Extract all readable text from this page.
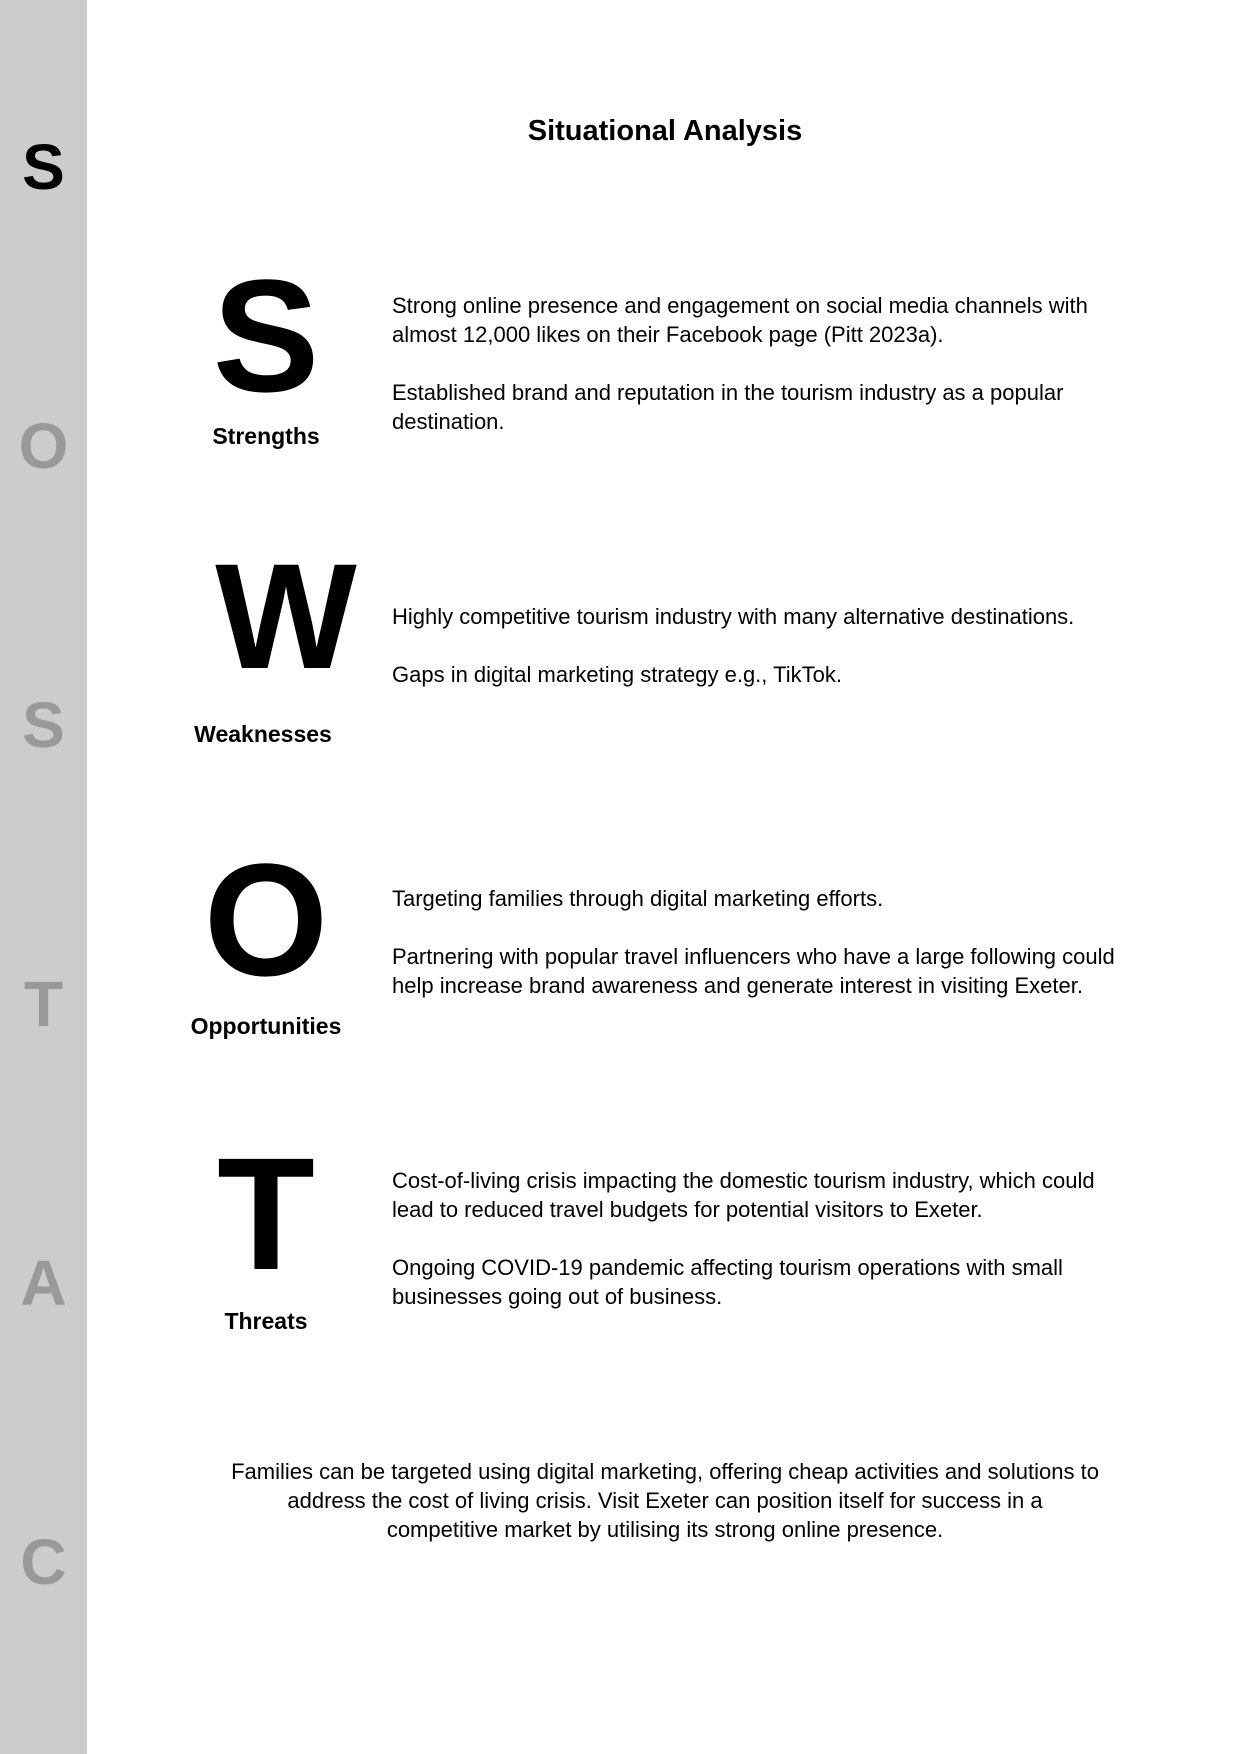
S
O
S
T
A
C
Situational Analysis
S
Strengths

Strong online presence and engagement on social media channels with almost 12,000 likes on their Facebook page (Pitt 2023a).

Established brand and reputation in the tourism industry as a popular destination.

W
Weaknesses

Highly competitive tourism industry with many alternative destinations.

Gaps in digital marketing strategy e.g., TikTok.

O
Opportunities

Targeting families through digital marketing efforts.

Partnering with popular travel influencers who have a large following could help increase brand awareness and generate interest in visiting Exeter.

T
Threats

Cost-of-living crisis impacting the domestic tourism industry, which could lead to reduced travel budgets for potential visitors to Exeter.

Ongoing COVID-19 pandemic affecting tourism operations with small businesses going out of business.

Families can be targeted using digital marketing, offering cheap activities and solutions to address the cost of living crisis. Visit Exeter can position itself for success in a competitive market by utilising its strong online presence.
